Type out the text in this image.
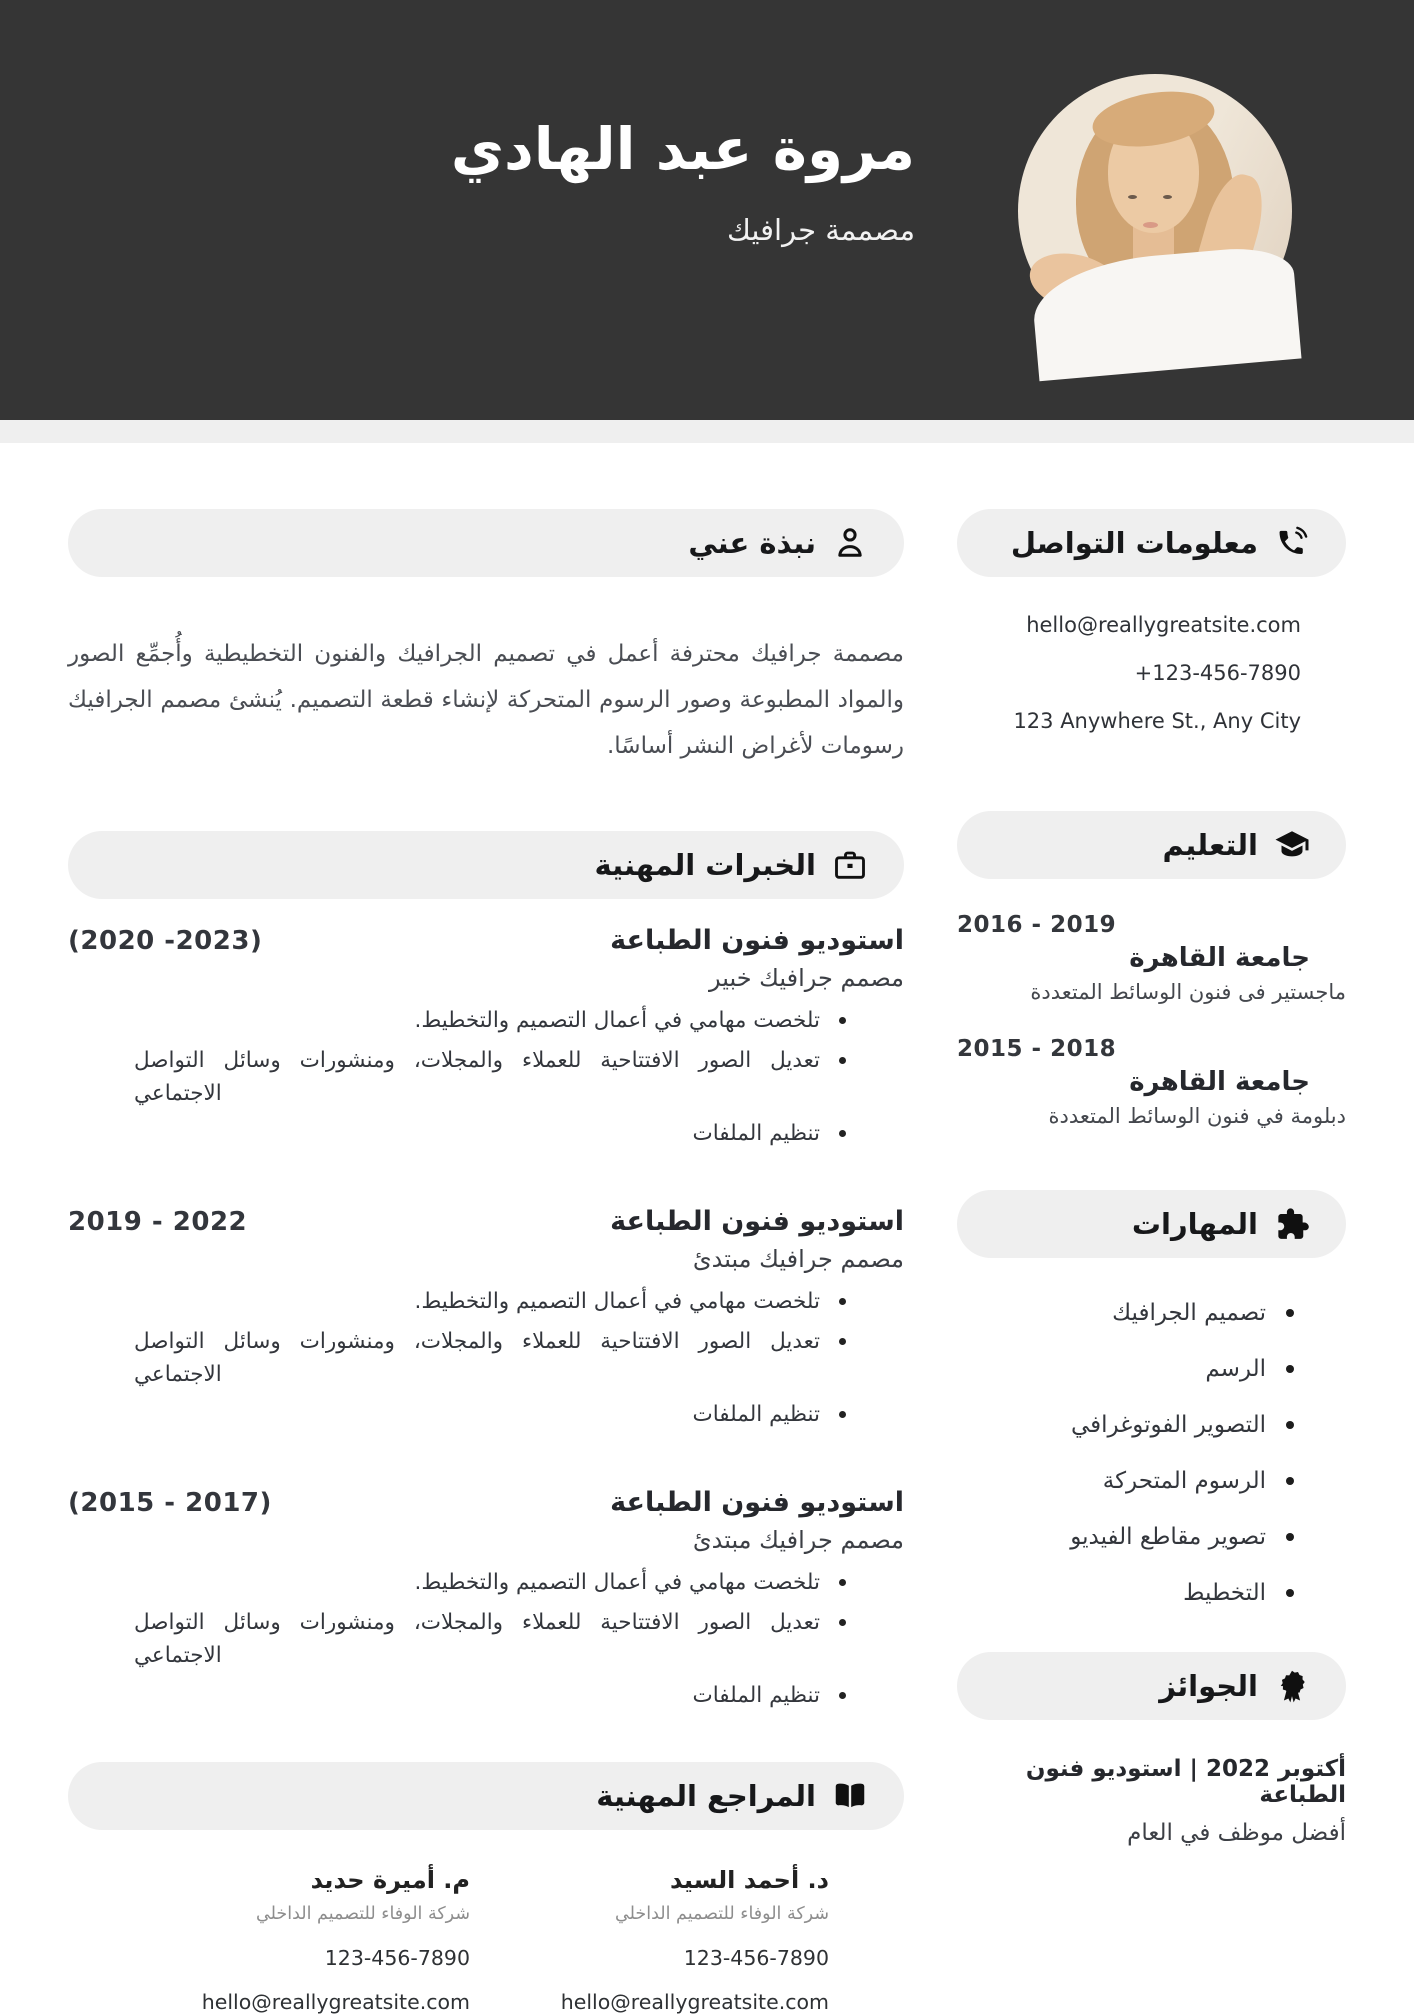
مروة عبد الهادي
مصممة جرافيك
معلومات التواصل
hello@reallygreatsite.com
+123-456-7890
123 Anywhere St., Any City
التعليم
2016 - 2019
جامعة القاهرة
ماجستير فى فنون الوسائط المتعددة
2015 - 2018
جامعة القاهرة
دبلومة في فنون الوسائط المتعددة
المهارات
تصميم الجرافيك
الرسم
التصوير الفوتوغرافي
الرسوم المتحركة
تصوير مقاطع الفيديو
التخطيط
الجوائز
أكتوبر 2022 | استوديو فنون الطباعة
أفضل موظف في العام
نبذة عني

مصممة جرافيك محترفة أعمل في تصميم الجرافيك والفنون التخطيطية وأُجمِّع الصور والمواد المطبوعة وصور الرسوم المتحركة لإنشاء قطعة التصميم. يُنشئ مصمم الجرافيك رسومات لأغراض النشر أساسًا.

الخبرات المهنية
استوديو فنون الطباعة
(2020 -2023)
مصمم جرافيك خبير
تلخصت مهامي في أعمال التصميم والتخطيط.
تعديل الصور الافتتاحية للعملاء والمجلات، ومنشورات وسائل التواصل الاجتماعي
تنظيم الملفات
استوديو فنون الطباعة
2019 - 2022
مصمم جرافيك مبتدئ
تلخصت مهامي في أعمال التصميم والتخطيط.
تعديل الصور الافتتاحية للعملاء والمجلات، ومنشورات وسائل التواصل الاجتماعي
تنظيم الملفات
استوديو فنون الطباعة
(2015 - 2017)
مصمم جرافيك مبتدئ
تلخصت مهامي في أعمال التصميم والتخطيط.
تعديل الصور الافتتاحية للعملاء والمجلات، ومنشورات وسائل التواصل الاجتماعي
تنظيم الملفات
المراجع المهنية
د. أحمد السيد
شركة الوفاء للتصميم الداخلي
123-456-7890
hello@reallygreatsite.com
م. أميرة حديد
شركة الوفاء للتصميم الداخلي
123-456-7890
hello@reallygreatsite.com
